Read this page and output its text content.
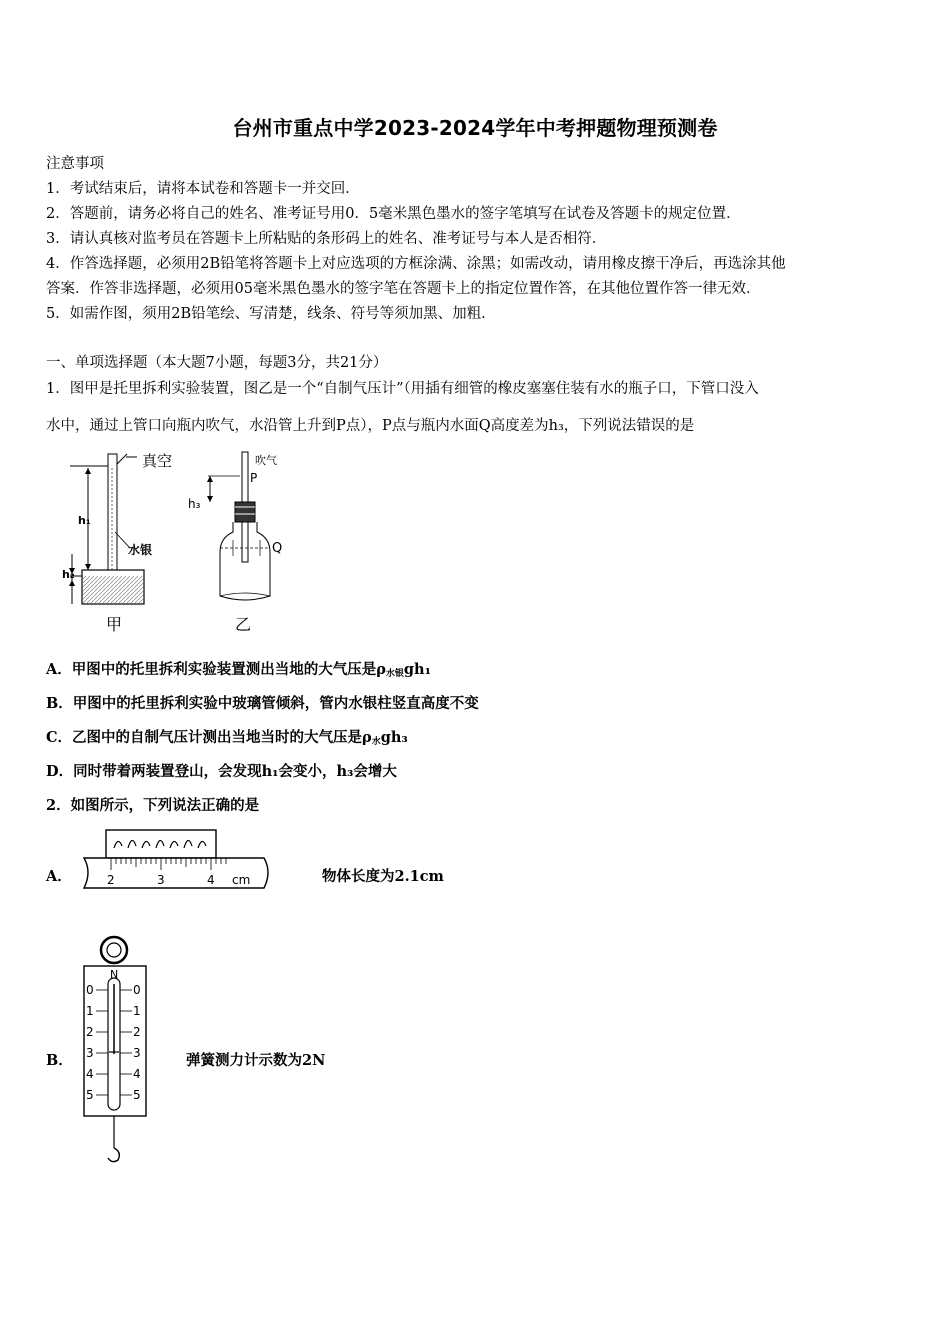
台州市重点中学2023-2024学年中考押题物理预测卷
注意事项
1．考试结束后，请将本试卷和答题卡一并交回．
2．答题前，请务必将自己的姓名、准考证号用0．5毫米黑色墨水的签字笔填写在试卷及答题卡的规定位置．
3．请认真核对监考员在答题卡上所粘贴的条形码上的姓名、准考证号与本人是否相符．
4．作答选择题，必须用2B铅笔将答题卡上对应选项的方框涂满、涂黑；如需改动，请用橡皮擦干净后，再选涂其他
答案．作答非选择题，必须用05毫米黑色墨水的签字笔在答题卡上的指定位置作答，在其他位置作答一律无效．
5．如需作图，须用2B铅笔绘、写清楚，线条、符号等须加黑、加粗．
一、单项选择题（本大题7小题，每题3分，共21分）
1．图甲是托里拆利实验装置，图乙是一个“自制气压计”（用插有细管的橡皮塞塞住装有水的瓶子口，下管口没入
水中，通过上管口向瓶内吹气，水沿管上升到P点），P点与瓶内水面Q高度差为h₃，下列说法错误的是
真空
水银
h₁
h₂
甲
吹气
P
Q
h₃
乙
A．甲图中的托里拆利实验装置测出当地的大气压是$\rho_{水银}gh_1$
B．甲图中的托里拆利实验中玻璃管倾斜，管内水银柱竖直高度不变
C．乙图中的自制气压计测出当地当时的大气压是$\rho_水gh_3$
D．同时带着两装置登山，会发现h₁会变小，h₃会增大
2．如图所示，下列说法正确的是
A．	2	3	4 cm	物体长度为2.1cm
B．
N
0
1
2
3
4
5
0
1
2
3
4
5
弹簧测力计示数为2N
